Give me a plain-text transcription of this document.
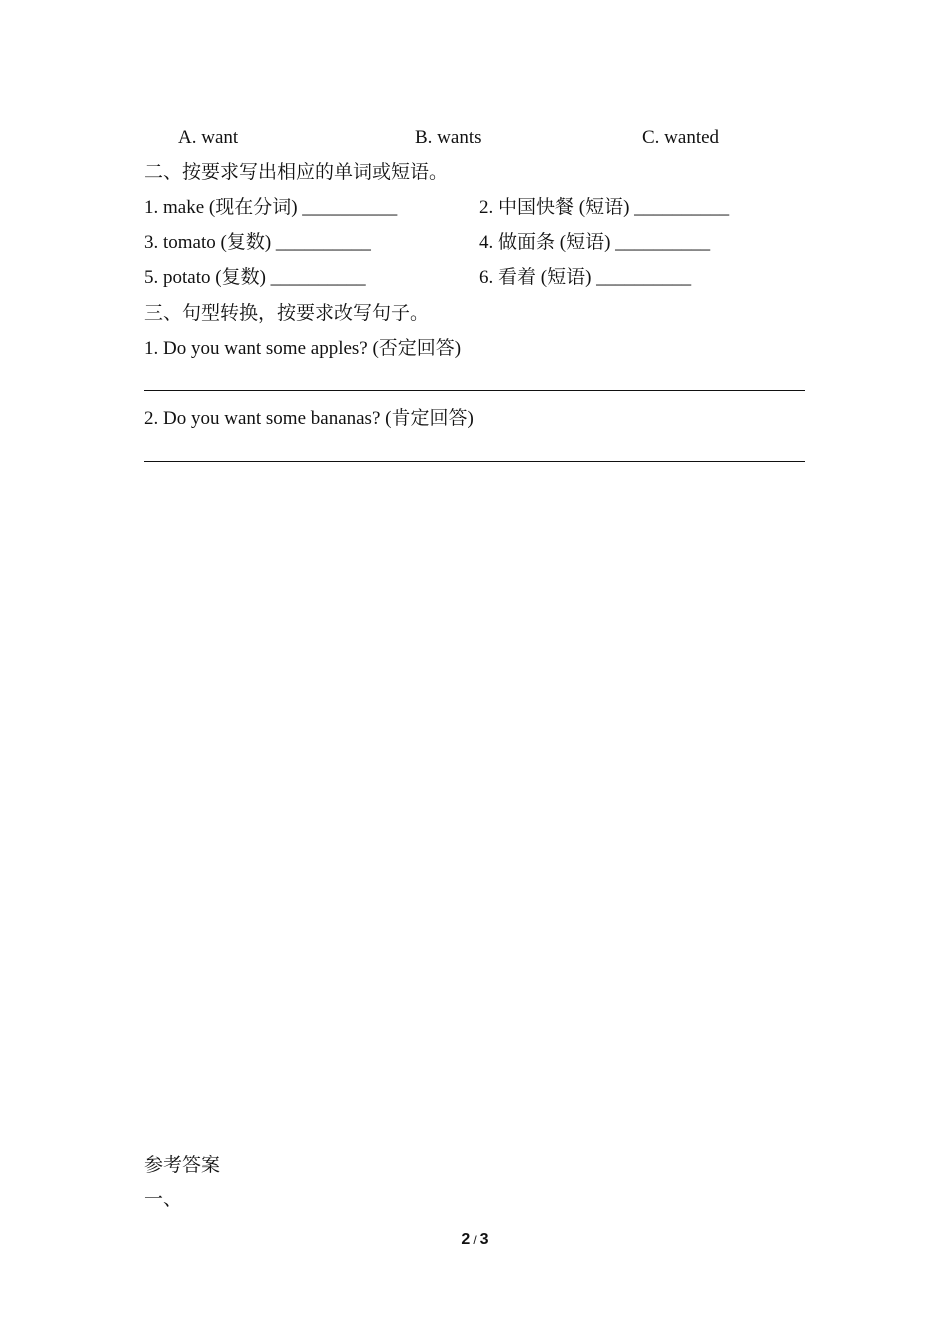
A. want	B. wants	C. wanted
二、按要求写出相应的单词或短语。
1. make (现在分词) __________	2. 中国快餐 (短语) __________
3. tomato (复数) __________	4. 做面条 (短语) __________
5. potato (复数) __________	6. 看着 (短语) __________
三、句型转换，按要求改写句子。
1. Do you want some apples? (否定回答)
2. Do you want some bananas? (肯定回答)
参考答案
一、
2 / 3
